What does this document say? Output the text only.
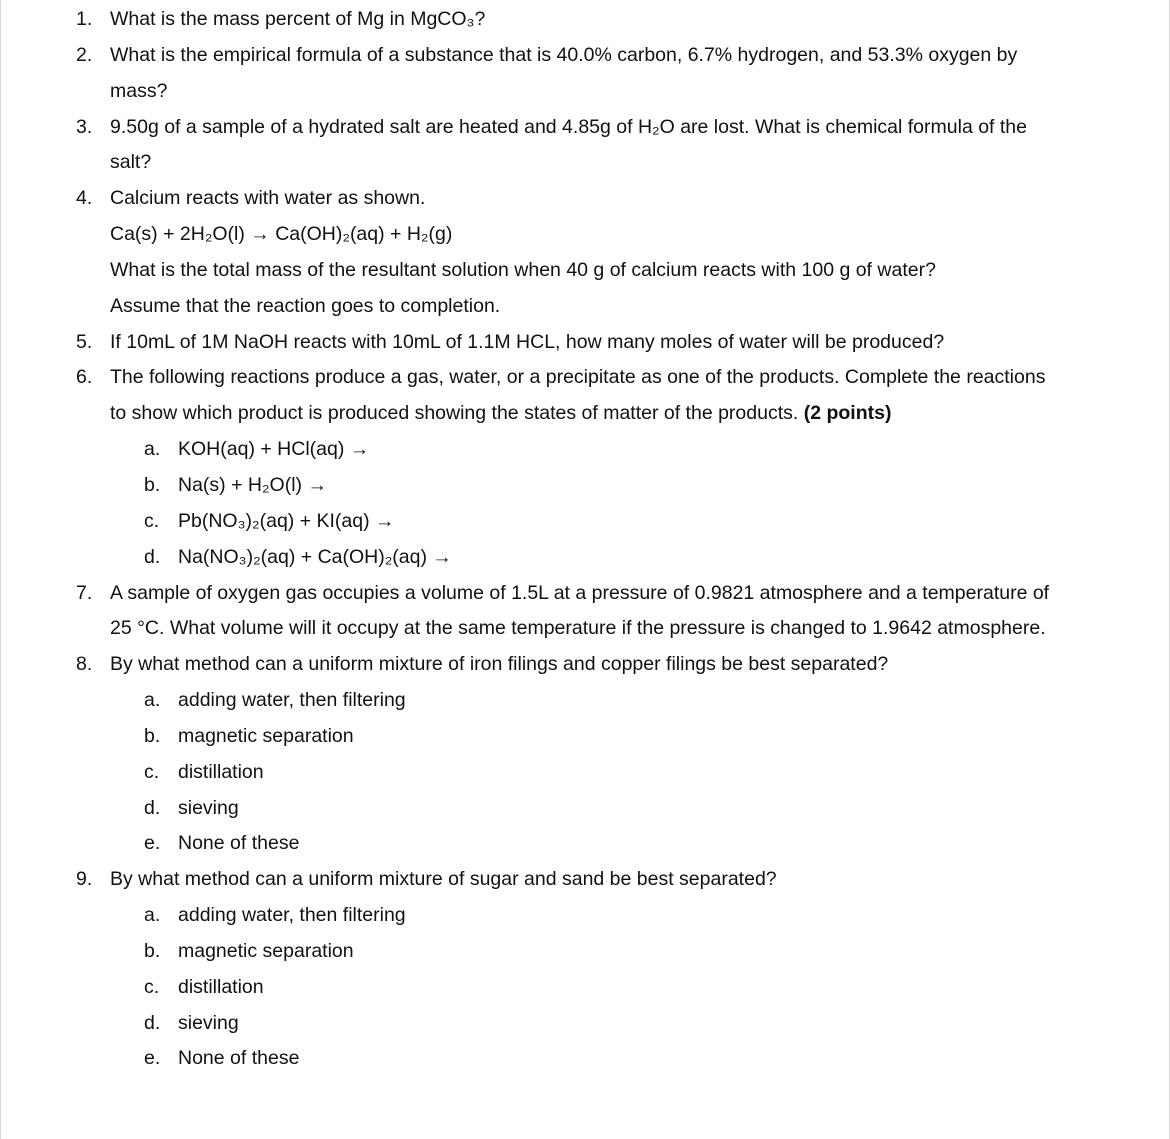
1. What is the mass percent of Mg in MgCO₃?
2. What is the empirical formula of a substance that is 40.0% carbon, 6.7% hydrogen, and 53.3% oxygen by
mass?
3. 9.50g of a sample of a hydrated salt are heated and 4.85g of H₂O are lost. What is chemical formula of the
salt?
4. Calcium reacts with water as shown.
Ca(s) + 2H₂O(l) → Ca(OH)₂(aq) + H₂(g)
What is the total mass of the resultant solution when 40 g of calcium reacts with 100 g of water?
Assume that the reaction goes to completion.
5. If 10mL of 1M NaOH reacts with 10mL of 1.1M HCL, how many moles of water will be produced?
6. The following reactions produce a gas, water, or a precipitate as one of the products. Complete the reactions
to show which product is produced showing the states of matter of the products. (2 points)
a. KOH(aq) + HCl(aq) →
b. Na(s) + H₂O(l) →
c. Pb(NO₃)₂(aq) + KI(aq) →
d. Na(NO₃)₂(aq) + Ca(OH)₂(aq) →
7. A sample of oxygen gas occupies a volume of 1.5L at a pressure of 0.9821 atmosphere and a temperature of
25 °C. What volume will it occupy at the same temperature if the pressure is changed to 1.9642 atmosphere.
8. By what method can a uniform mixture of iron filings and copper filings be best separated?
a. adding water, then filtering
b. magnetic separation
c. distillation
d. sieving
e. None of these
9. By what method can a uniform mixture of sugar and sand be best separated?
a. adding water, then filtering
b. magnetic separation
c. distillation
d. sieving
e. None of these
